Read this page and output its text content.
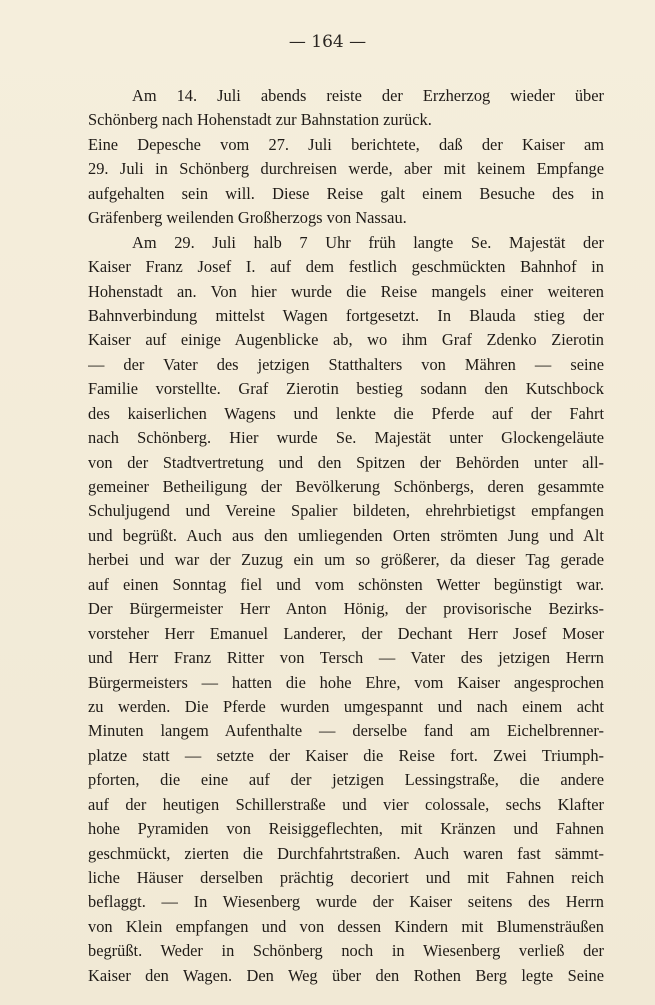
— 164 —
Am 14. Juli abends reiste der Erzherzog wieder über
Schönberg nach Hohenstadt zur Bahnstation zurück.
Eine Depesche vom 27. Juli berichtete, daß der Kaiser am
29. Juli in Schönberg durchreisen werde, aber mit keinem Empfange
aufgehalten sein will. Diese Reise galt einem Besuche des in
Gräfenberg weilenden Großherzogs von Nassau.
Am 29. Juli halb 7 Uhr früh langte Se. Majestät der
Kaiser Franz Josef I. auf dem festlich geschmückten Bahnhof in
Hohenstadt an. Von hier wurde die Reise mangels einer weiteren
Bahnverbindung mittelst Wagen fortgesetzt. In Blauda stieg der
Kaiser auf einige Augenblicke ab, wo ihm Graf Zdenko Zierotin
— der Vater des jetzigen Statthalters von Mähren — seine
Familie vorstellte. Graf Zierotin bestieg sodann den Kutschbock
des kaiserlichen Wagens und lenkte die Pferde auf der Fahrt
nach Schönberg. Hier wurde Se. Majestät unter Glockengeläute
von der Stadtvertretung und den Spitzen der Behörden unter all-
gemeiner Betheiligung der Bevölkerung Schönbergs, deren gesammte
Schuljugend und Vereine Spalier bildeten, ehrehrbietigst empfangen
und begrüßt. Auch aus den umliegenden Orten strömten Jung und Alt
herbei und war der Zuzug ein um so größerer, da dieser Tag gerade
auf einen Sonntag fiel und vom schönsten Wetter begünstigt war.
Der Bürgermeister Herr Anton Hönig, der provisorische Bezirks-
vorsteher Herr Emanuel Landerer, der Dechant Herr Josef Moser
und Herr Franz Ritter von Tersch — Vater des jetzigen Herrn
Bürgermeisters — hatten die hohe Ehre, vom Kaiser angesprochen
zu werden. Die Pferde wurden umgespannt und nach einem acht
Minuten langem Aufenthalte — derselbe fand am Eichelbrenner-
platze statt — setzte der Kaiser die Reise fort. Zwei Triumph-
pforten, die eine auf der jetzigen Lessingstraße, die andere
auf der heutigen Schillerstraße und vier colossale, sechs Klafter
hohe Pyramiden von Reisiggeflechten, mit Kränzen und Fahnen
geschmückt, zierten die Durchfahrtstraßen. Auch waren fast sämmt-
liche Häuser derselben prächtig decoriert und mit Fahnen reich
beflaggt. — In Wiesenberg wurde der Kaiser seitens des Herrn
von Klein empfangen und von dessen Kindern mit Blumensträußen
begrüßt. Weder in Schönberg noch in Wiesenberg verließ der
Kaiser den Wagen. Den Weg über den Rothen Berg legte Seine
